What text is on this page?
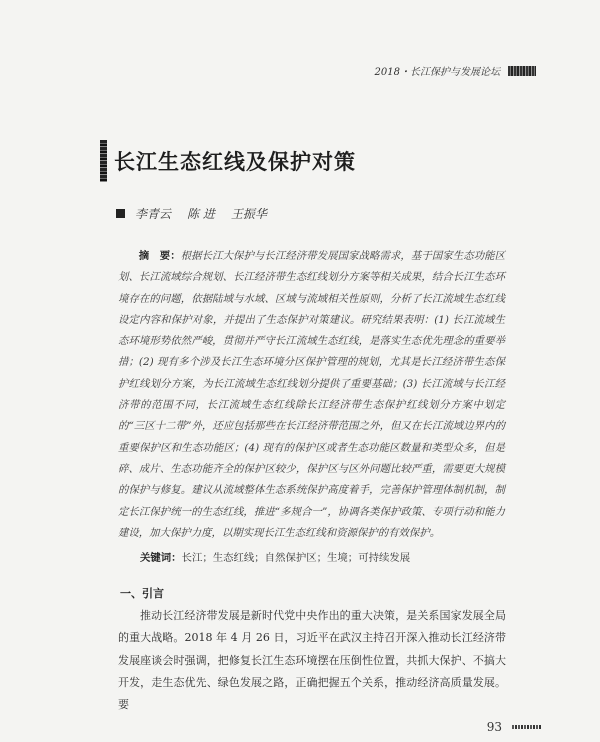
2018・长江保护与发展论坛
长江生态红线及保护对策
李青云 陈 进 王振华

摘　要：根据长江大保护与长江经济带发展国家战略需求，基于国家生态功能区划、长江流域综合规划、长江经济带生态红线划分方案等相关成果，结合长江生态环境存在的问题，依据陆域与水域、区域与流域相关性原则，分析了长江流域生态红线设定内容和保护对象，并提出了生态保护对策建议。研究结果表明：(1) 长江流域生态环境形势依然严峻，贯彻并严守长江流域生态红线，是落实生态优先理念的重要举措；(2) 现有多个涉及长江生态环境分区保护管理的规划，尤其是长江经济带生态保护红线划分方案，为长江流域生态红线划分提供了重要基础；(3) 长江流域与长江经济带的范围不同，长江流域生态红线除长江经济带生态保护红线划分方案中划定的“三区十二带”外，还应包括那些在长江经济带范围之外，但又在长江流域边界内的重要保护区和生态功能区；(4) 现有的保护区或者生态功能区数量和类型众多，但是碎、成片、生态功能齐全的保护区较少，保护区与区外问题比较严重，需要更大规模的保护与修复。建议从流域整体生态系统保护高度着手，完善保护管理体制机制，制定长江保护统一的生态红线，推进“多规合一”，协调各类保护政策、专项行动和能力建设，加大保护力度，以期实现长江生态红线和资源保护的有效保护。

关键词：长江；生态红线；自然保护区；生境；可持续发展

一、引言

推动长江经济带发展是新时代党中央作出的重大决策，是关系国家发展全局的重大战略。2018 年 4 月 26 日，习近平在武汉主持召开深入推动长江经济带发展座谈会时强调，把修复长江生态环境摆在压倒性位置，共抓大保护、不搞大开发，走生态优先、绿色发展之路，正确把握五个关系，推动经济高质量发展。要

93
